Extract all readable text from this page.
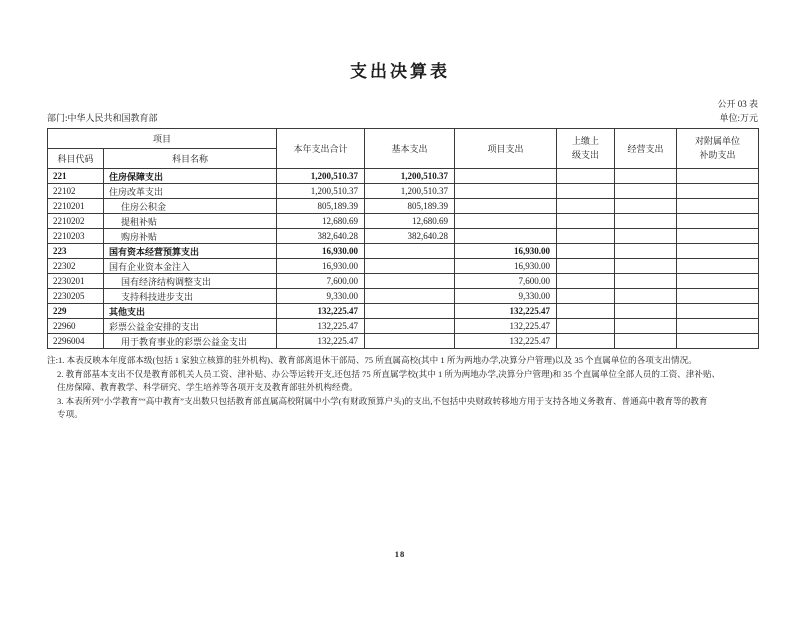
支出决算表
公开 03 表
部门:中华人民共和国教育部	单位:万元
项目		本年支出合计	基本支出	项目支出	上缴上级支出	经营支出	对附属单位补助支出
科目代码	科目名称						
221	住房保障支出	1,200,510.37	1,200,510.37				
22102	住房改革支出	1,200,510.37	1,200,510.37				
2210201	住房公积金	805,189.39	805,189.39				
2210202	提租补贴	12,680.69	12,680.69				
2210203	购房补贴	382,640.28	382,640.28				
223	国有资本经营预算支出	16,930.00		16,930.00			
22302	国有企业资本金注入	16,930.00		16,930.00			
2230201	国有经济结构调整支出	7,600.00		7,600.00			
2230205	支持科技进步支出	9,330.00		9,330.00			
229	其他支出	132,225.47		132,225.47			
22960	彩票公益金安排的支出	132,225.47		132,225.47			
2296004	用于教育事业的彩票公益金支出	132,225.47		132,225.47			
注:1. 本表反映本年度部本级(包括 1 家独立核算的驻外机构)、教育部离退休干部局、75 所直属高校(其中 1 所为两地办学,决算分户管理)以及 35 个直属单位的各项支出情况。
2. 教育部基本支出不仅是教育部机关人员工资、津补贴、办公等运转开支,还包括 75 所直属学校(其中 1 所为两地办学,决算分户管理)和 35 个直属单位全部人员的工资、津补贴、
住房保障、教育教学、科学研究、学生培养等各项开支及教育部驻外机构经费。
3. 本表所列“小学教育”“高中教育”支出数只包括教育部直属高校附属中小学(有财政预算户头)的支出,不包括中央财政转移地方用于支持各地义务教育、普通高中教育等的教育
专项。
18
